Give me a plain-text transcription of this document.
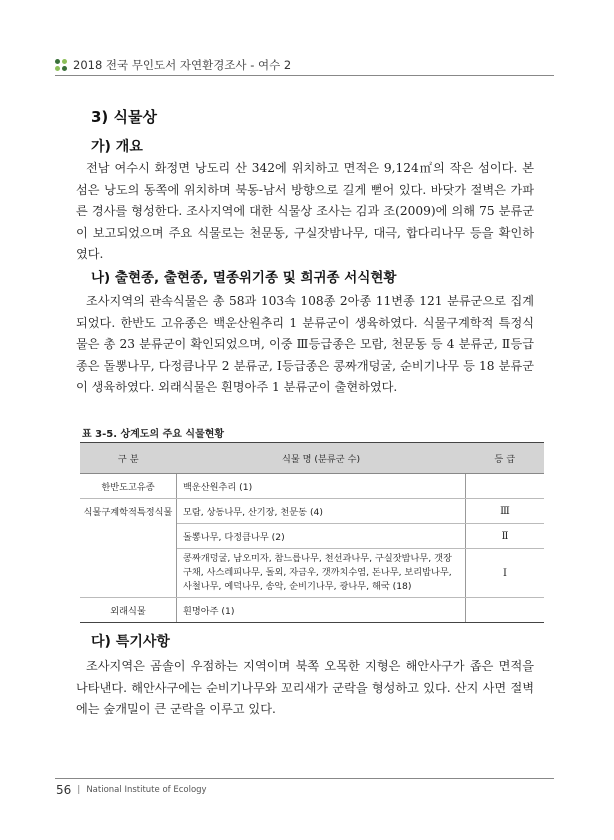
2018 전국 무인도서 자연환경조사 - 여수 2
3) 식물상
가) 개요
전남 여수시 화정면 낭도리 산 342에 위치하고 면적은 9,124㎡의 작은 섬이다. 본 섬은 낭도의 동쪽에 위치하며 북동-남서 방향으로 길게 뻗어 있다. 바닷가 절벽은 가파른 경사를 형성한다. 조사지역에 대한 식물상 조사는 김과 조(2009)에 의해 75 분류군이 보고되었으며 주요 식물로는 천문동, 구실잣밤나무, 대극, 합다리나무 등을 확인하였다.
나) 출현종, 출현종, 멸종위기종 및 희귀종 서식현황
조사지역의 관속식물은 총 58과 103속 108종 2아종 11변종 121 분류군으로 집계되었다. 한반도 고유종은 백운산원추리 1 분류군이 생육하였다. 식물구계학적 특정식물은 총 23 분류군이 확인되었으며, 이중 Ⅲ등급종은 모람, 천문동 등 4 분류군, Ⅱ등급종은 돌뽕나무, 다정큼나무 2 분류군, Ⅰ등급종은 콩짜개덩굴, 순비기나무 등 18 분류군이 생육하였다. 외래식물은 흰명아주 1 분류군이 출현하였다.
표 3-5. 상계도의 주요 식물현황
구 분	식물 명 (분류군 수)	등 급
한반도고유종	백운산원추리 (1)	
식물구계학적특정식물	모람, 상동나무, 산기장, 천문동 (4)	Ⅲ
	돌뽕나무, 다정큼나무 (2)	Ⅱ
	콩짜개덩굴, 남오미자, 참느릅나무, 천선과나무, 구실잣밤나무, 갯장구채, 사스레피나무, 돌외, 자금우, 갯까치수염, 돈나무, 보리밥나무, 사철나무, 예덕나무, 송악, 순비기나무, 광나무, 해국 (18)	Ⅰ
외래식물	흰명아주 (1)	
다) 특기사항
조사지역은 곰솔이 우점하는 지역이며 북쪽 오목한 지형은 해안사구가 좁은 면적을 나타낸다. 해안사구에는 순비기나무와 꼬리새가 군락을 형성하고 있다. 산지 사면 절벽에는 숲개밀이 큰 군락을 이루고 있다.
56 | National Institute of Ecology
